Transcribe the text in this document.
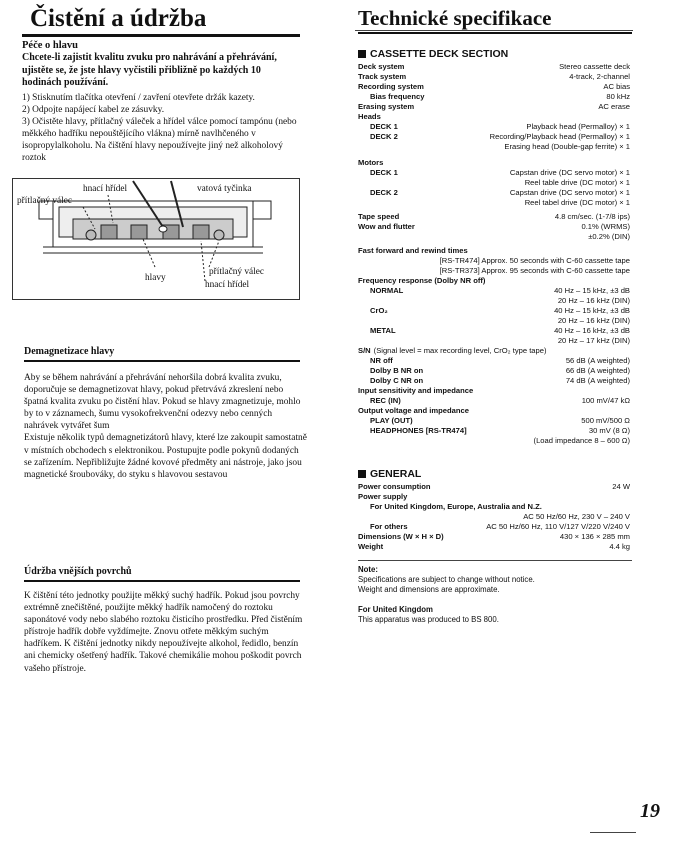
Čistění a údržba

Péče o hlavu

Chcete-li zajistit kvalitu zvuku pro nahrávání a přehrávání, ujistěte se, že jste hlavy vyčistili přibližně po každých 10 hodinách používání.

1) Stisknutím tlačítka otevření / zavření otevřete držák kazety.

2) Odpojte napájecí kabel ze zásuvky.

3) Očistěte hlavy, přítlačný váleček a hřídel válce pomocí tampónu (nebo měkkého hadříku nepouštějícího vlákna) mírně navlhčeného v isopropylalkoholu. Na čištění hlavy nepoužívejte jiný než alkoholový roztok

hnací hřídel	vatová tyčinka
přítlačný válec
hlavy
přítlačný válec
hnací hřídel

Demagnetizace hlavy

Aby se během nahrávání a přehrávání nehoršila dobrá kvalita zvuku, doporučuje se demagnetizovat hlavy, pokud přetrvává zkreslení nebo špatná kvalita zvuku po čistění hlav. Pokud se hlavy zmagnetizuje, mohlo by to v záznamech, šumu vysokofrekvenční odezvy nebo cenných nahrávek vytvářet šum

Existuje několik typů demagnetizátorů hlavy, které lze zakoupit samostatně v místních obchodech s elektronikou. Postupujte podle pokynů dodaných se zařízením. Nepřibližujte žádné kovové předměty ani nástroje, jako jsou magnetické šroubováky, do styku s hlavovou sestavou

Údržba vnějších povrchů

K čištění této jednotky použijte měkký suchý hadřík. Pokud jsou povrchy extrémně znečištěné, použijte měkký hadřík namočený do roztoku saponátové vody nebo slabého roztoku čisticího prostředku. Před čistěním přístroje hadřík dobře vyždímejte. Znovu otřete měkkým suchým hadříkem. K čištění jednotky nikdy nepoužívejte alkohol, ředidlo, benzín ani chemicky ošetřený hadřík. Takové chemikálie mohou poškodit povrch vašeho přístroje.

Technické specifikace

CASSETTE DECK SECTION

Deck system	Stereo cassette deck
Track system	4-track, 2-channel
Recording system	AC bias
Bias frequency	80 kHz
Erasing system	AC erase
Heads
DECK 1	Playback head (Permalloy) × 1
DECK 2	Recording/Playback head (Permalloy) × 1
Erasing head (Double-gap ferrite) × 1
Motors
DECK 1	Capstan drive (DC servo motor) × 1
Reel table drive (DC motor) × 1
DECK 2	Capstan drive (DC servo motor) × 1
Reel tabel drive (DC motor) × 1
Tape speed	4.8 cm/sec. (1-7/8 ips)
Wow and flutter	0.1% (WRMS)
±0.2% (DIN)
Fast forward and rewind times
[RS-TR474] Approx. 50 seconds with C-60 cassette tape
[RS-TR373] Approx. 95 seconds with C-60 cassette tape
Frequency response (Dolby NR off)
NORMAL	40 Hz – 15 kHz, ±3 dB
20 Hz – 16 kHz (DIN)
CrO₂	40 Hz – 15 kHz, ±3 dB
20 Hz – 16 kHz (DIN)
METAL	40 Hz – 16 kHz, ±3 dB
20 Hz – 17 kHz (DIN)
S/N (Signal level = max recording level, CrO₂ type tape)
NR off	56 dB (A weighted)
Dolby B NR on	66 dB (A weighted)
Dolby C NR on	74 dB (A weighted)
Input sensitivity and impedance
REC (IN)	100 mV/47 kΩ
Output voltage and impedance
PLAY (OUT)	500 mV/500 Ω
HEADPHONES [RS-TR474]	30 mV (8 Ω)
(Load impedance 8 – 600 Ω)

GENERAL

Power consumption	24 W
Power supply
For United Kingdom, Europe, Australia and N.Z.
AC 50 Hz/60 Hz, 230 V – 240 V
For others	AC 50 Hz/60 Hz, 110 V/127 V/220 V/240 V
Dimensions (W × H × D)	430 × 136 × 285 mm
Weight	4.4 kg

Note:

Specifications are subject to change without notice.

Weight and dimensions are approximate.

For United Kingdom

This apparatus was produced to BS 800.

19
